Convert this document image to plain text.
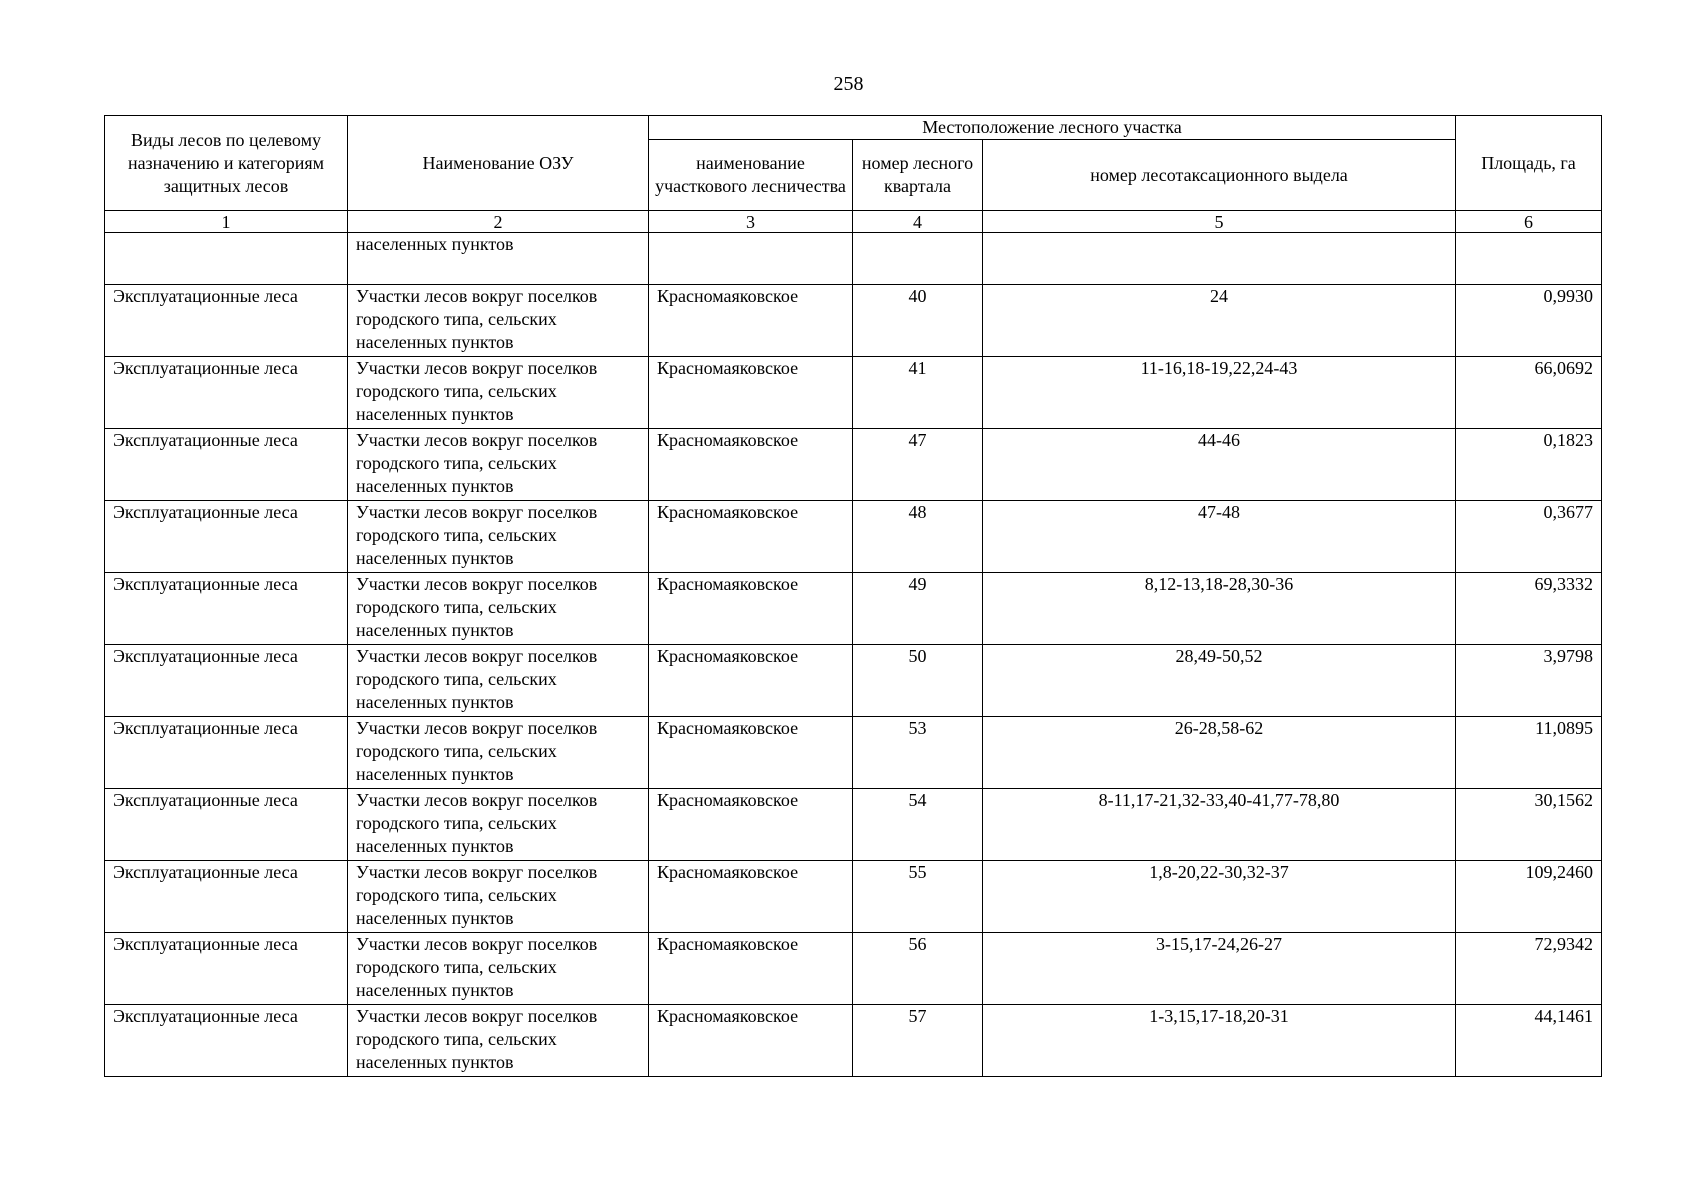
258
Виды лесов по целевому назначению и категориям защитных лесов	Наименование ОЗУ	Местоположение лесного участка			Площадь, га
		наименование участкового лесничества	номер лесного квартала	номер лесотаксационного выдела	
1	2	3	4	5	6
	населенных пунктов				
Эксплуатационные леса	Участки лесов вокруг поселков городского типа, сельских населенных пунктов	Красномаяковское	40	24	0,9930
Эксплуатационные леса	Участки лесов вокруг поселков городского типа, сельских населенных пунктов	Красномаяковское	41	11-16,18-19,22,24-43	66,0692
Эксплуатационные леса	Участки лесов вокруг поселков городского типа, сельских населенных пунктов	Красномаяковское	47	44-46	0,1823
Эксплуатационные леса	Участки лесов вокруг поселков городского типа, сельских населенных пунктов	Красномаяковское	48	47-48	0,3677
Эксплуатационные леса	Участки лесов вокруг поселков городского типа, сельских населенных пунктов	Красномаяковское	49	8,12-13,18-28,30-36	69,3332
Эксплуатационные леса	Участки лесов вокруг поселков городского типа, сельских населенных пунктов	Красномаяковское	50	28,49-50,52	3,9798
Эксплуатационные леса	Участки лесов вокруг поселков городского типа, сельских населенных пунктов	Красномаяковское	53	26-28,58-62	11,0895
Эксплуатационные леса	Участки лесов вокруг поселков городского типа, сельских населенных пунктов	Красномаяковское	54	8-11,17-21,32-33,40-41,77-78,80	30,1562
Эксплуатационные леса	Участки лесов вокруг поселков городского типа, сельских населенных пунктов	Красномаяковское	55	1,8-20,22-30,32-37	109,2460
Эксплуатационные леса	Участки лесов вокруг поселков городского типа, сельских населенных пунктов	Красномаяковское	56	3-15,17-24,26-27	72,9342
Эксплуатационные леса	Участки лесов вокруг поселков городского типа, сельских населенных пунктов	Красномаяковское	57	1-3,15,17-18,20-31	44,1461
